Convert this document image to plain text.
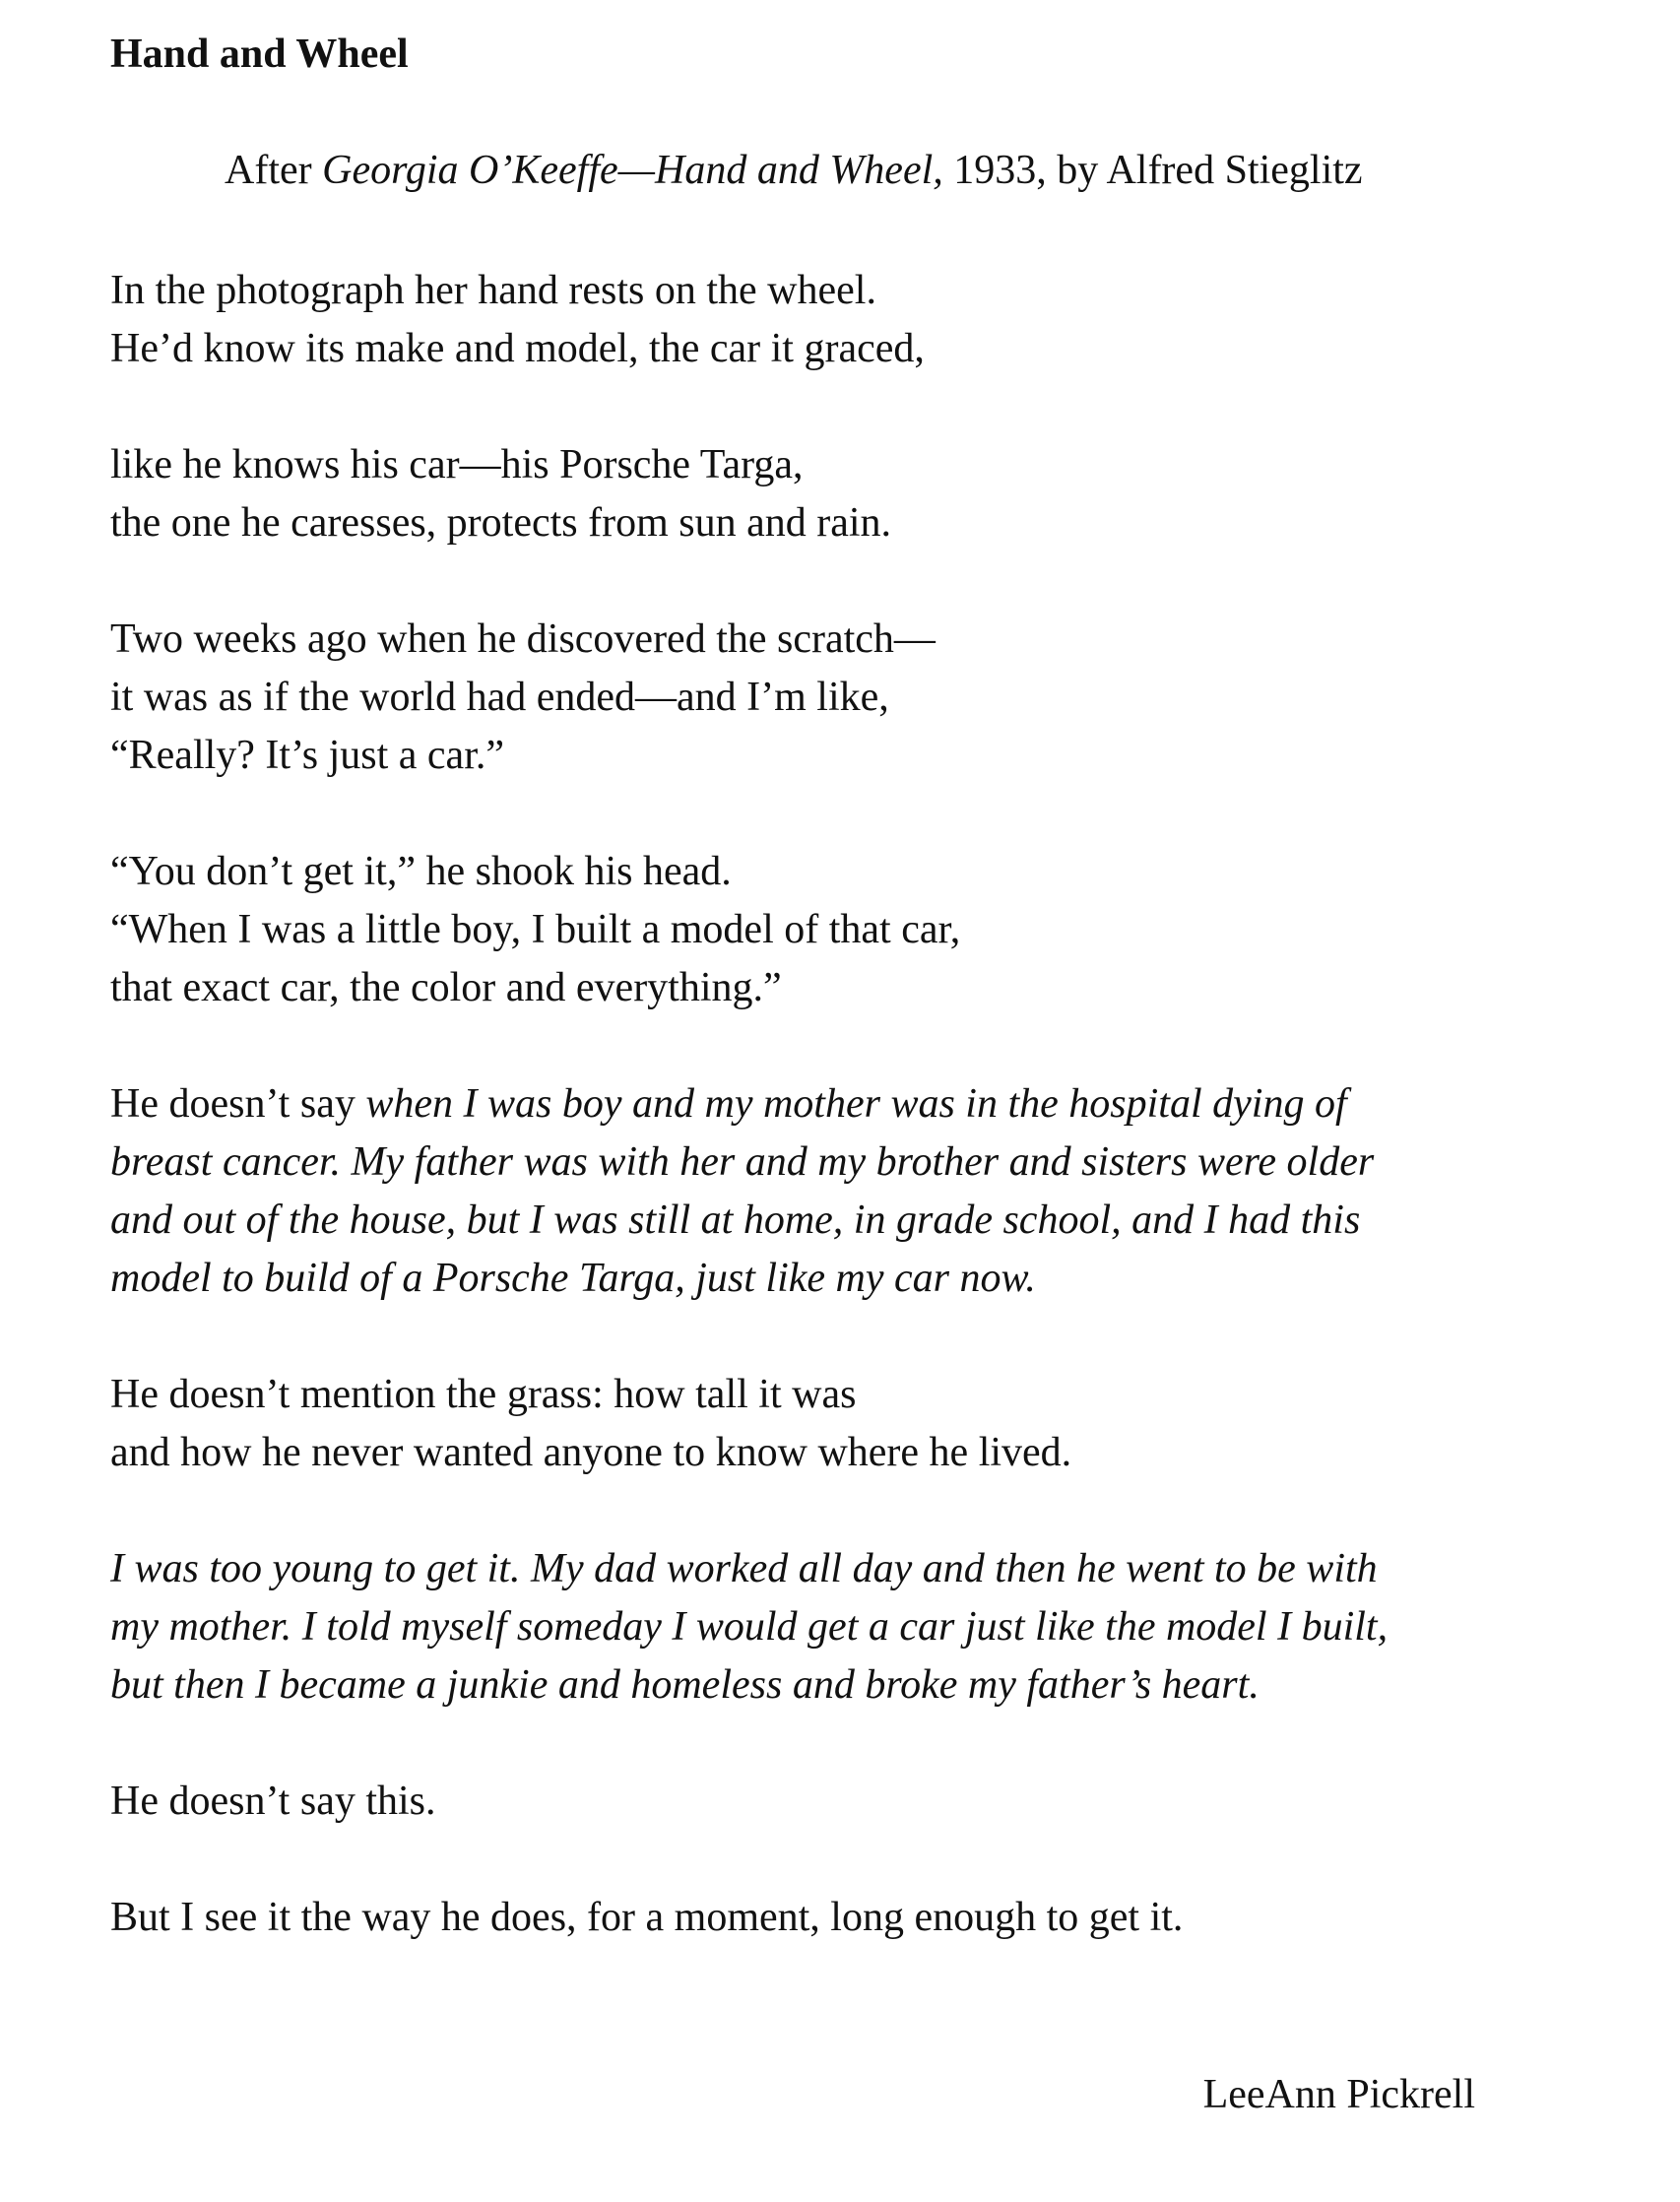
Hand and Wheel
After Georgia O’Keeffe—Hand and Wheel, 1933, by Alfred Stieglitz
In the photograph her hand rests on the wheel.
He’d know its make and model, the car it graced,
like he knows his car—his Porsche Targa,
the one he caresses, protects from sun and rain.
Two weeks ago when he discovered the scratch—
it was as if the world had ended—and I’m like,
“Really? It’s just a car.”
“You don’t get it,” he shook his head.
“When I was a little boy, I built a model of that car,
that exact car, the color and everything.”
He doesn’t say when I was boy and my mother was in the hospital dying of
breast cancer. My father was with her and my brother and sisters were older
and out of the house, but I was still at home, in grade school, and I had this
model to build of a Porsche Targa, just like my car now.
He doesn’t mention the grass: how tall it was
and how he never wanted anyone to know where he lived.
I was too young to get it. My dad worked all day and then he went to be with
my mother. I told myself someday I would get a car just like the model I built,
but then I became a junkie and homeless and broke my father’s heart.
He doesn’t say this.
But I see it the way he does, for a moment, long enough to get it.
LeeAnn Pickrell
